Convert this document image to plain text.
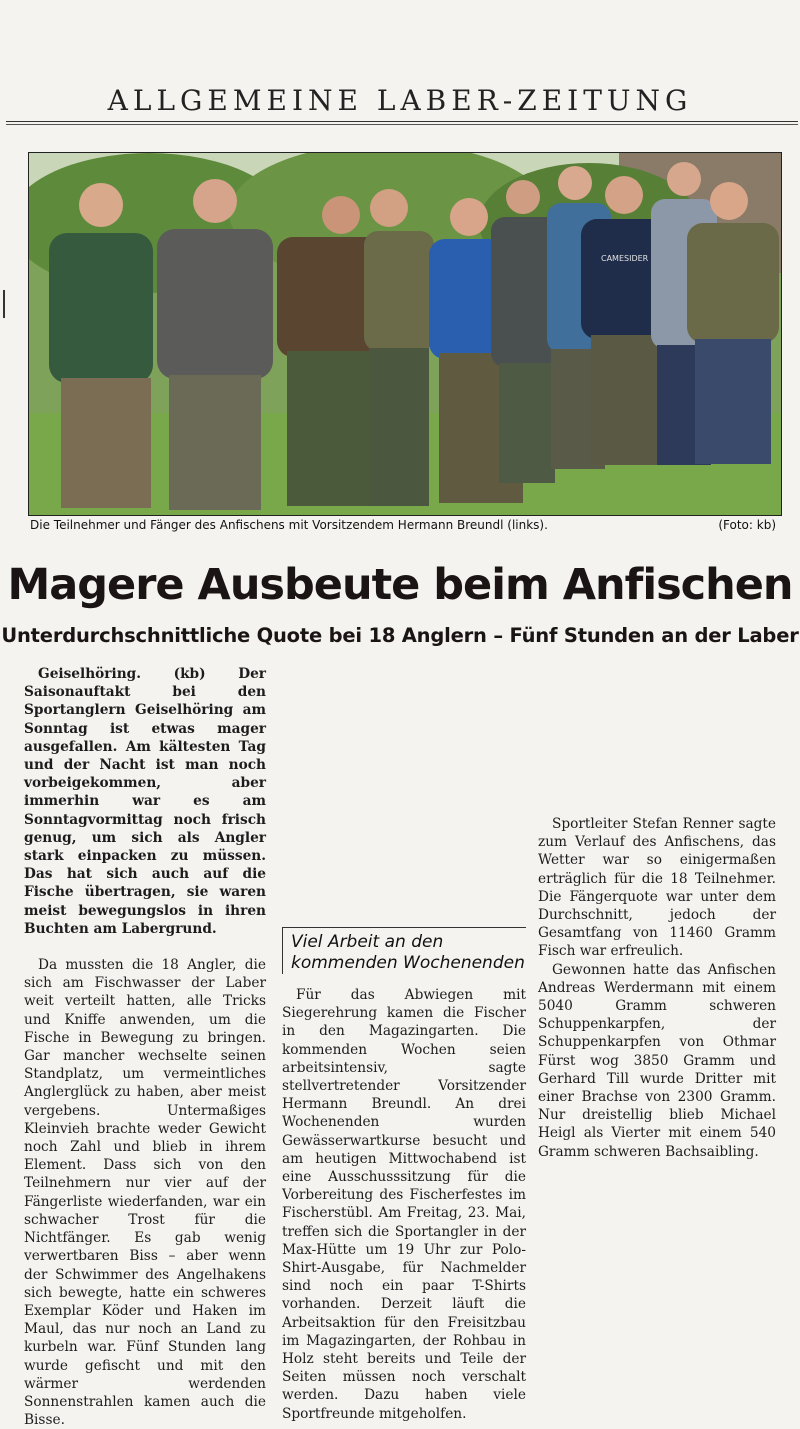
ALLGEMEINE LABER-ZEITUNG
CAMESIDER
Die Teilnehmer und Fänger des Anfischens mit Vorsitzendem Hermann Breundl (links).	(Foto: kb)
Magere Ausbeute beim Anfischen
Unterdurchschnittliche Quote bei 18 Anglern – Fünf Stunden an der Laber

Geiselhöring. (kb) Der Saisonauftakt bei den Sportanglern Geiselhöring am Sonntag ist etwas mager ausgefallen. Am kältesten Tag und der Nacht ist man noch vorbeigekommen, aber immerhin war es am Sonntagvormittag noch frisch genug, um sich als Angler stark einpacken zu müssen. Das hat sich auch auf die Fische übertragen, sie waren meist bewegungslos in ihren Buchten am Labergrund.

Da mussten die 18 Angler, die sich am Fischwasser der Laber weit verteilt hatten, alle Tricks und Kniffe anwenden, um die Fische in Bewegung zu bringen. Gar mancher wechselte seinen Standplatz, um vermeintliches Anglerglück zu haben, aber meist vergebens. Untermaßiges Kleinvieh brachte weder Gewicht noch Zahl und blieb in ihrem Element. Dass sich von den Teilnehmern nur vier auf der Fängerliste wiederfanden, war ein schwacher Trost für die Nichtfänger. Es gab wenig verwertbaren Biss – aber wenn der Schwimmer des Angelhakens sich bewegte, hatte ein schweres Exemplar Köder und Haken im Maul, das nur noch an Land zu kurbeln war. Fünf Stunden lang wurde gefischt und mit den wärmer werdenden Sonnenstrahlen kamen auch die Bisse.

Viel Arbeit an den kommenden Wochenenden

Für das Abwiegen mit Siegerehrung kamen die Fischer in den Magazingarten. Die kommenden Wochen seien arbeitsintensiv, sagte stellvertretender Vorsitzender Hermann Breundl. An drei Wochenenden wurden Gewässerwartkurse besucht und am heutigen Mittwochabend ist eine Ausschusssitzung für die Vorbereitung des Fischerfestes im Fischerstübl. Am Freitag, 23. Mai, treffen sich die Sportangler in der Max-Hütte um 19 Uhr zur Polo-Shirt-Ausgabe, für Nachmelder sind noch ein paar T-Shirts vorhanden. Derzeit läuft die Arbeitsaktion für den Freisitzbau im Magazingarten, der Rohbau in Holz steht bereits und Teile der Seiten müssen noch verschalt werden. Dazu haben viele Sportfreunde mitgeholfen.

Sportleiter Stefan Renner sagte zum Verlauf des Anfischens, das Wetter war so einigermaßen erträglich für die 18 Teilnehmer. Die Fängerquote war unter dem Durchschnitt, jedoch der Gesamtfang von 11460 Gramm Fisch war erfreulich.

Gewonnen hatte das Anfischen Andreas Werdermann mit einem 5040 Gramm schweren Schuppenkarpfen, der Schuppenkarpfen von Othmar Fürst wog 3850 Gramm und Gerhard Till wurde Dritter mit einer Brachse von 2300 Gramm. Nur dreistellig blieb Michael Heigl als Vierter mit einem 540 Gramm schweren Bachsaibling.
